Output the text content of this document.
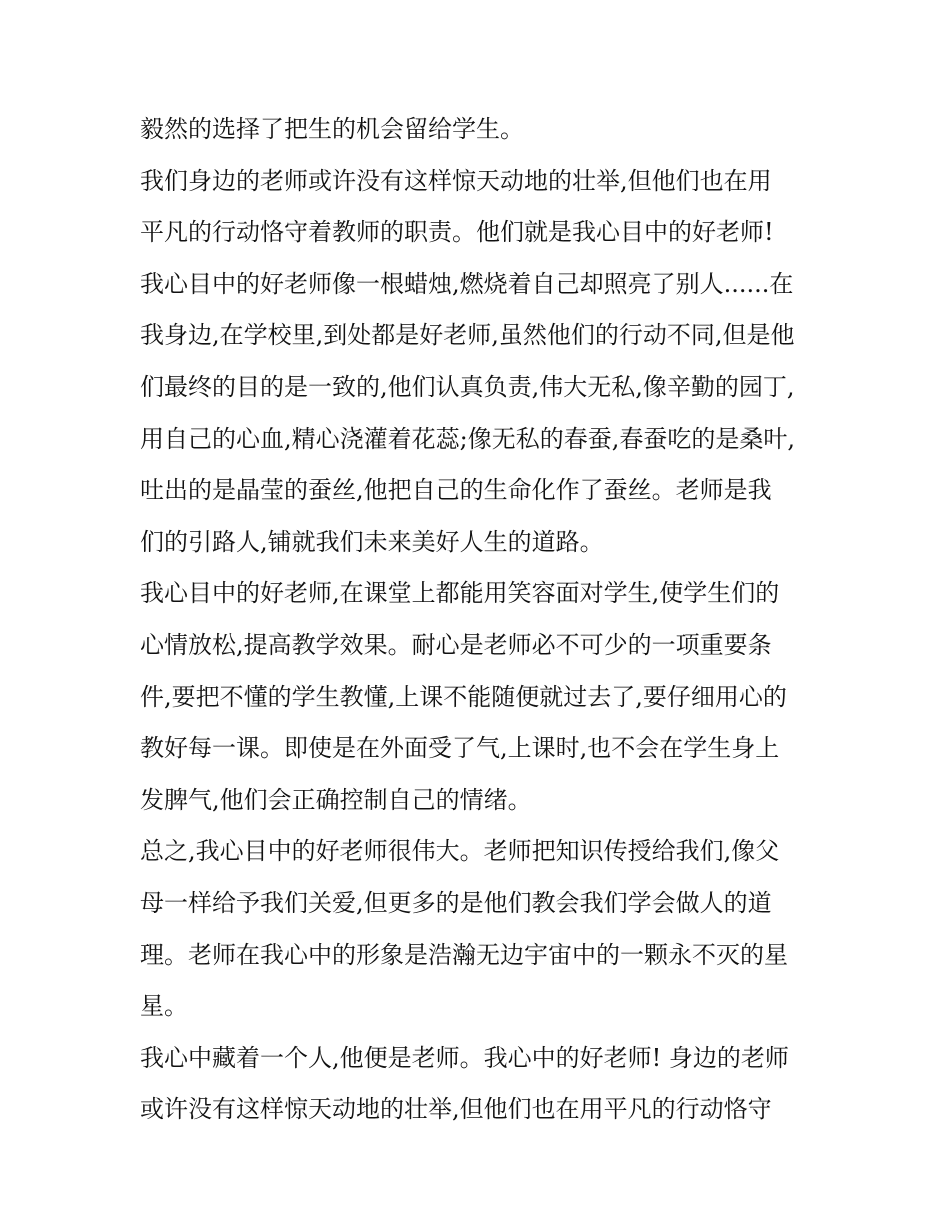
毅然的选择了把生的机会留给学生。
我们身边的老师或许没有这样惊天动地的壮举,但他们也在用
平凡的行动恪守着教师的职责。他们就是我心目中的好老师!
我心目中的好老师像一根蜡烛,燃烧着自己却照亮了别人......在
我身边,在学校里,到处都是好老师,虽然他们的行动不同,但是他
们最终的目的是一致的,他们认真负责,伟大无私,像辛勤的园丁,
用自己的心血,精心浇灌着花蕊;像无私的春蚕,春蚕吃的是桑叶,
吐出的是晶莹的蚕丝,他把自己的生命化作了蚕丝。老师是我
们的引路人,铺就我们未来美好人生的道路。
我心目中的好老师,在课堂上都能用笑容面对学生,使学生们的
心情放松,提高教学效果。耐心是老师必不可少的一项重要条
件,要把不懂的学生教懂,上课不能随便就过去了,要仔细用心的
教好每一课。即使是在外面受了气,上课时,也不会在学生身上
发脾气,他们会正确控制自己的情绪。
总之,我心目中的好老师很伟大。老师把知识传授给我们,像父
母一样给予我们关爱,但更多的是他们教会我们学会做人的道
理。老师在我心中的形象是浩瀚无边宇宙中的一颗永不灭的星
星。
我心中藏着一个人,他便是老师。我心中的好老师! 身边的老师
或许没有这样惊天动地的壮举,但他们也在用平凡的行动恪守
